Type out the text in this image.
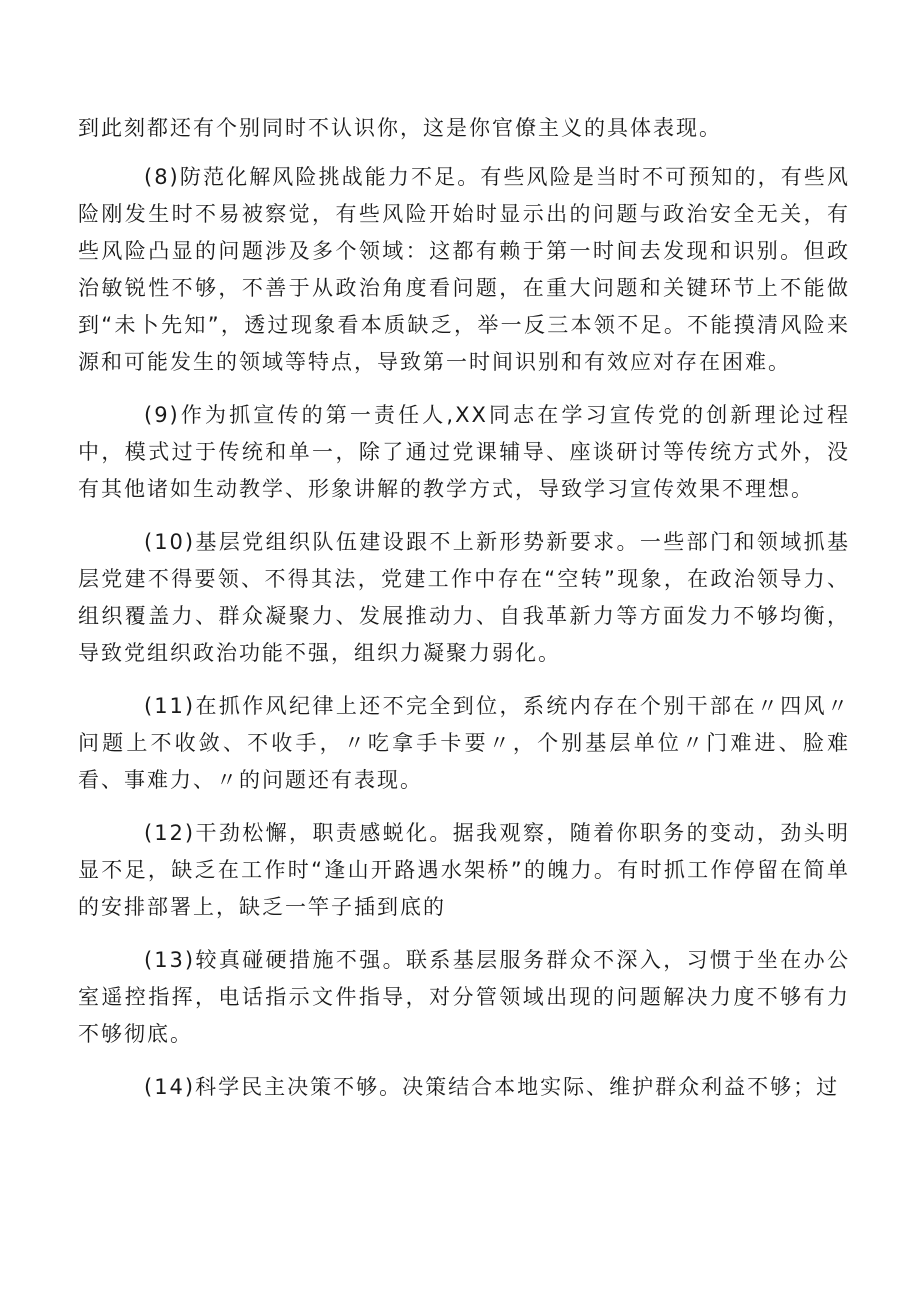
到此刻都还有个别同时不认识你，这是你官僚主义的具体表现。

(8)防范化解风险挑战能力不足。有些风险是当时不可预知的，有些风险刚发生时不易被察觉，有些风险开始时显示出的问题与政治安全无关，有些风险凸显的问题涉及多个领域：这都有赖于第一时间去发现和识别。但政治敏锐性不够，不善于从政治角度看问题，在重大问题和关键环节上不能做到“未卜先知”，透过现象看本质缺乏，举一反三本领不足。不能摸清风险来源和可能发生的领域等特点，导致第一时间识别和有效应对存在困难。

(9)作为抓宣传的第一责任人,XX同志在学习宣传党的创新理论过程中，模式过于传统和单一，除了通过党课辅导、座谈研讨等传统方式外，没有其他诸如生动教学、形象讲解的教学方式，导致学习宣传效果不理想。

(10)基层党组织队伍建设跟不上新形势新要求。一些部门和领域抓基层党建不得要领、不得其法，党建工作中存在“空转”现象，在政治领导力、组织覆盖力、群众凝聚力、发展推动力、自我革新力等方面发力不够均衡，导致党组织政治功能不强，组织力凝聚力弱化。

(11)在抓作风纪律上还不完全到位，系统内存在个别干部在〃四风〃问题上不收敛、不收手，〃吃拿手卡要〃，个别基层单位〃门难进、脸难看、事难力、〃的问题还有表现。

(12)干劲松懈，职责感蜕化。据我观察，随着你职务的变动，劲头明显不足，缺乏在工作时“逢山开路遇水架桥”的魄力。有时抓工作停留在简单的安排部署上，缺乏一竿子插到底的

(13)较真碰硬措施不强。联系基层服务群众不深入，习惯于坐在办公室遥控指挥，电话指示文件指导，对分管领域出现的问题解决力度不够有力不够彻底。

(14)科学民主决策不够。决策结合本地实际、维护群众利益不够；过
